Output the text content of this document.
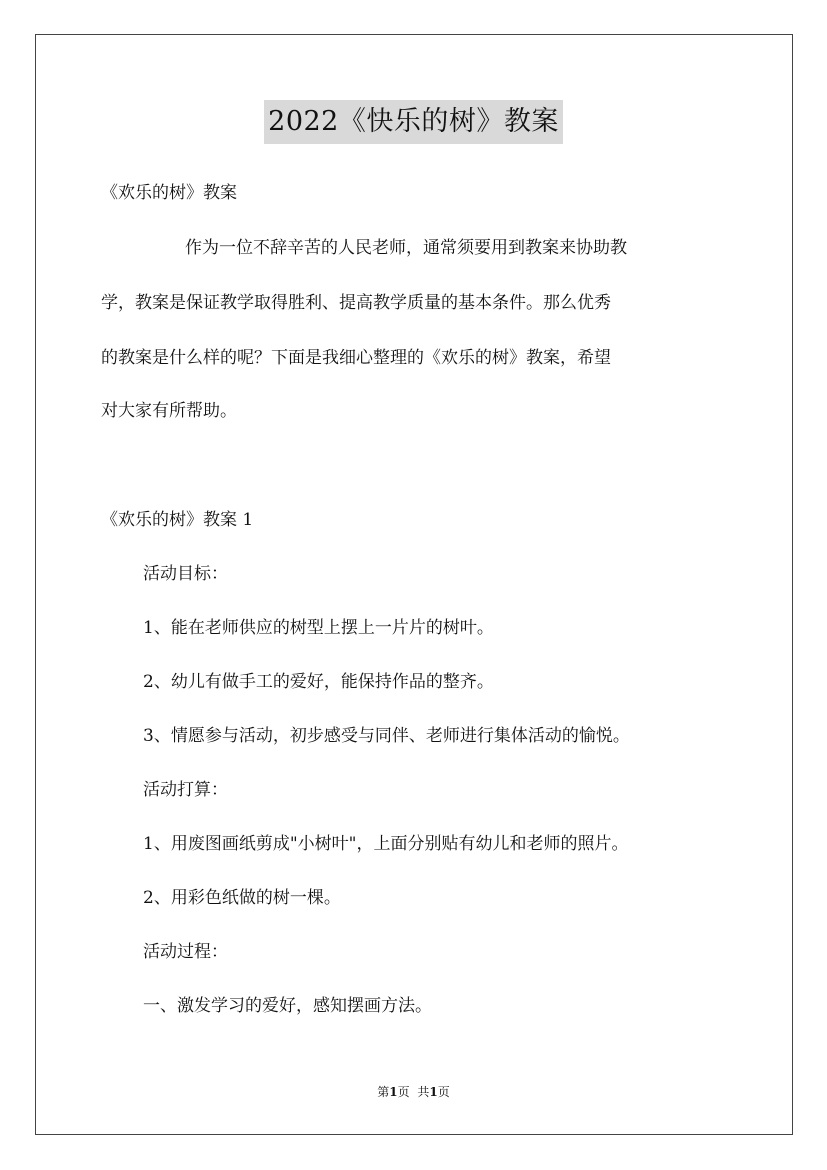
2022《快乐的树》教案

《欢乐的树》教案

作为一位不辞辛苦的人民老师，通常须要用到教案来协助教

学，教案是保证教学取得胜利、提高教学质量的基本条件。那么优秀

的教案是什么样的呢？下面是我细心整理的《欢乐的树》教案，希望

对大家有所帮助。

《欢乐的树》教案 1

活动目标：

1、能在老师供应的树型上摆上一片片的树叶。

2、幼儿有做手工的爱好，能保持作品的整齐。

3、情愿参与活动，初步感受与同伴、老师进行集体活动的愉悦。

活动打算：

1、用废图画纸剪成"小树叶"，上面分别贴有幼儿和老师的照片。

2、用彩色纸做的树一棵。

活动过程：

一、激发学习的爱好，感知摆画方法。

第1页 共1页
